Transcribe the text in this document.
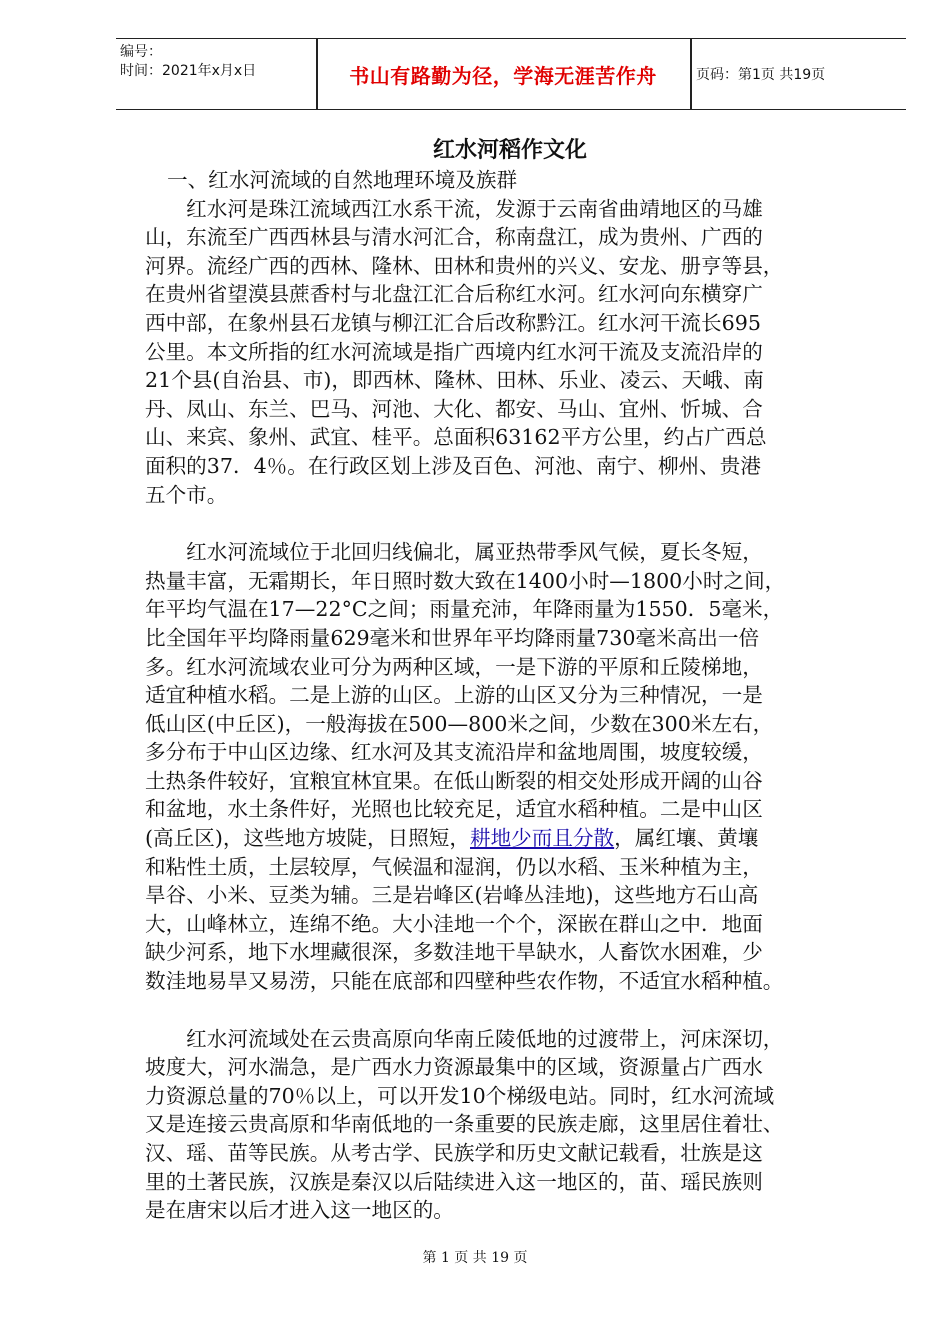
编号：
时间：2021年x月x日	书山有路勤为径，学海无涯苦作舟	页码：第1页 共19页
红水河稻作文化
一、红水河流域的自然地理环境及族群
　　红水河是珠江流域西江水系干流，发源于云南省曲靖地区的马雄
山，东流至广西西林县与清水河汇合，称南盘江，成为贵州、广西的
河界。流经广西的西林、隆林、田林和贵州的兴义、安龙、册亨等县，
在贵州省望漠县蔗香村与北盘江汇合后称红水河。红水河向东横穿广
西中部，在象州县石龙镇与柳江汇合后改称黔江。红水河干流长695
公里。本文所指的红水河流域是指广西境内红水河干流及支流沿岸的
21个县(自治县、市)，即西林、隆林、田林、乐业、凌云、天峨、南
丹、凤山、东兰、巴马、河池、大化、都安、马山、宜州、忻城、合
山、来宾、象州、武宜、桂平。总面积63162平方公里，约占广西总
面积的37．4％。在行政区划上涉及百色、河池、南宁、柳州、贵港
五个市。
　　红水河流域位于北回归线偏北，属亚热带季风气候，夏长冬短，
热量丰富，无霜期长，年日照时数大致在1400小时—1800小时之间，
年平均气温在17—22°C之间；雨量充沛，年降雨量为1550．5毫米，
比全国年平均降雨量629毫米和世界年平均降雨量730毫米高出一倍
多。红水河流域农业可分为两种区域，一是下游的平原和丘陵梯地，
适宜种植水稻。二是上游的山区。上游的山区又分为三种情况，一是
低山区(中丘区)，一般海拔在500—800米之间，少数在300米左右，
多分布于中山区边缘、红水河及其支流沿岸和盆地周围，坡度较缓，
土热条件较好，宜粮宜林宜果。在低山断裂的相交处形成开阔的山谷
和盆地，水土条件好，光照也比较充足，适宜水稻种植。二是中山区
(高丘区)，这些地方坡陡，日照短，耕地少而且分散，属红壤、黄壤
和粘性土质，土层较厚，气候温和湿润，仍以水稻、玉米种植为主，
旱谷、小米、豆类为辅。三是岩峰区(岩峰丛洼地)，这些地方石山高
大，山峰林立，连绵不绝。大小洼地一个个，深嵌在群山之中．地面
缺少河系，地下水埋藏很深，多数洼地干旱缺水，人畜饮水困难，少
数洼地易旱又易涝，只能在底部和四壁种些农作物，不适宜水稻种植。
　　红水河流域处在云贵高原向华南丘陵低地的过渡带上，河床深切，
坡度大，河水湍急，是广西水力资源最集中的区域，资源量占广西水
力资源总量的70％以上，可以开发10个梯级电站。同时，红水河流域
又是连接云贵高原和华南低地的一条重要的民族走廊，这里居住着壮、
汉、瑶、苗等民族。从考古学、民族学和历史文献记载看，壮族是这
里的土著民族，汉族是秦汉以后陆续进入这一地区的，苗、瑶民族则
是在唐宋以后才进入这一地区的。
第 1 页 共 19 页
